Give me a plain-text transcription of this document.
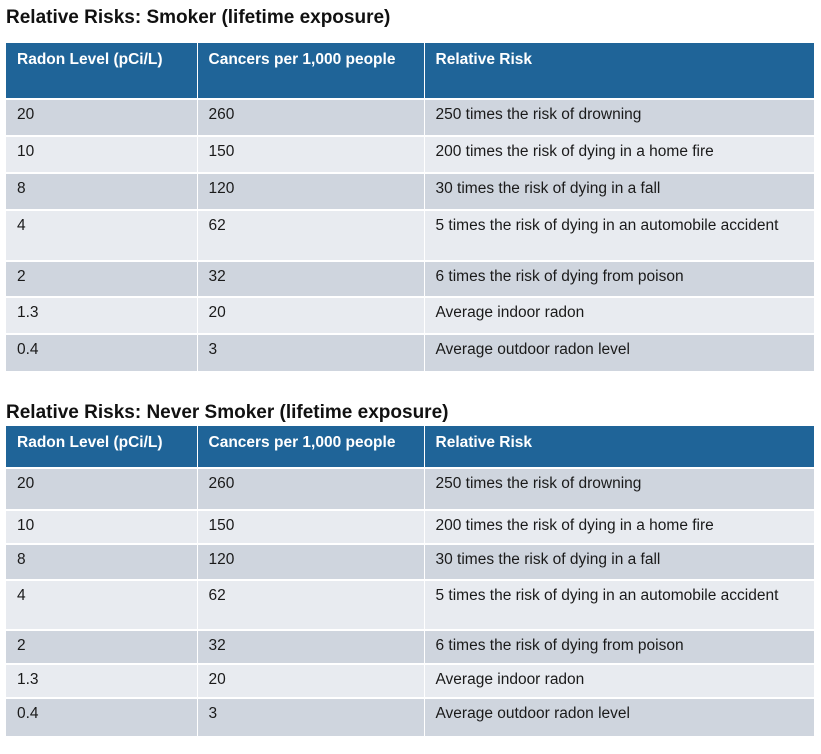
Relative Risks: Smoker (lifetime exposure)
Radon Level (pCi/L)	Cancers per 1,000 people	Relative Risk
20	260	250 times the risk of drowning
10	150	200 times the risk of dying in a home fire
8	120	30 times the risk of dying in a fall
4	62	5 times the risk of dying in an automobile accident
2	32	6 times the risk of dying from poison
1.3	20	Average indoor radon
0.4	3	Average outdoor radon level
Relative Risks: Never Smoker (lifetime exposure)
Radon Level (pCi/L)	Cancers per 1,000 people	Relative Risk
20	260	250 times the risk of drowning
10	150	200 times the risk of dying in a home fire
8	120	30 times the risk of dying in a fall
4	62	5 times the risk of dying in an automobile accident
2	32	6 times the risk of dying from poison
1.3	20	Average indoor radon
0.4	3	Average outdoor radon level
